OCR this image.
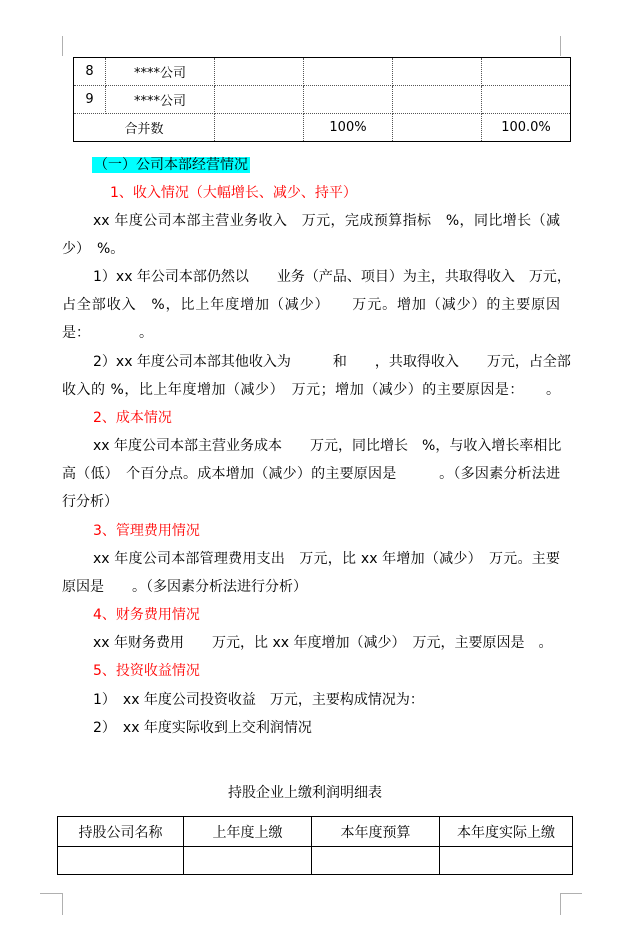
8	****公司				
9	****公司				
合并数			100%		100.0%
（一）公司本部经营情况
1、收入情况（大幅增长、减少、持平）
xx 年度公司本部主营业务收入　万元，完成预算指标　%，同比增长（减
少）　%。
1）xx 年公司本部仍然以　　业务（产品、项目）为主，共取得收入　万元，
占全部收入　%，比上年度增加（减少）　　万元。增加（减少）的主要原因
是：　　　　。
2）xx 年度公司本部其他收入为　　　和　　，共取得收入　　万元，占全部
收入的 %，比上年度增加（减少）　万元；增加（减少）的主要原因是：　　。
2、成本情况
xx 年度公司本部主营业务成本　　万元，同比增长　%，与收入增长率相比
高（低）　个百分点。成本增加（减少）的主要原因是　　　。（多因素分析法进
行分析）
3、管理费用情况
xx 年度公司本部管理费用支出　万元，比 xx 年增加（减少）　万元。主要
原因是　　。（多因素分析法进行分析）
4、财务费用情况
xx 年财务费用　　万元，比 xx 年度增加（减少）　万元，主要原因是　。
5、投资收益情况
1）　xx 年度公司投资收益　万元，主要构成情况为：
2）　xx 年度实际收到上交利润情况
持股企业上缴利润明细表
持股公司名称	上年度上缴	本年度预算	本年度实际上缴
